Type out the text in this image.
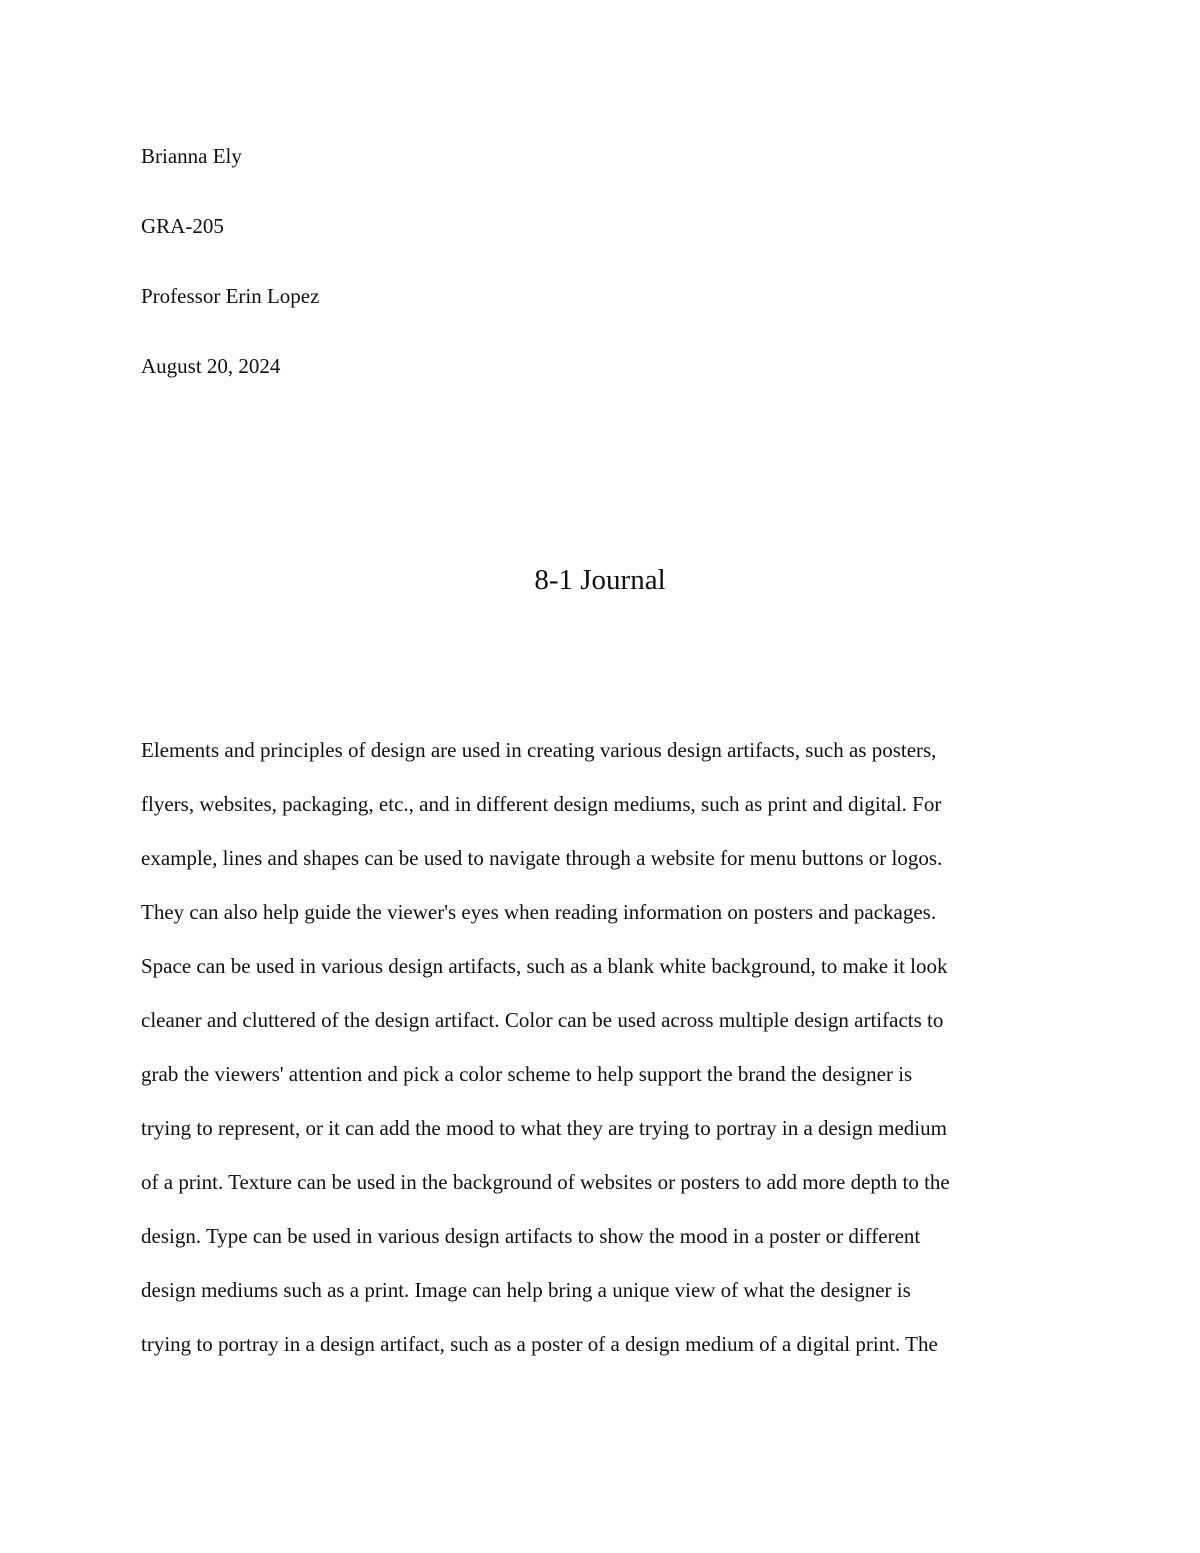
Brianna Ely
GRA-205
Professor Erin Lopez
August 20, 2024
8-1 Journal
Elements and principles of design are used in creating various design artifacts, such as posters,
flyers, websites, packaging, etc., and in different design mediums, such as print and digital. For
example, lines and shapes can be used to navigate through a website for menu buttons or logos.
They can also help guide the viewer's eyes when reading information on posters and packages.
Space can be used in various design artifacts, such as a blank white background, to make it look
cleaner and cluttered of the design artifact. Color can be used across multiple design artifacts to
grab the viewers' attention and pick a color scheme to help support the brand the designer is
trying to represent, or it can add the mood to what they are trying to portray in a design medium
of a print. Texture can be used in the background of websites or posters to add more depth to the
design. Type can be used in various design artifacts to show the mood in a poster or different
design mediums such as a print. Image can help bring a unique view of what the designer is
trying to portray in a design artifact, such as a poster of a design medium of a digital print. The
